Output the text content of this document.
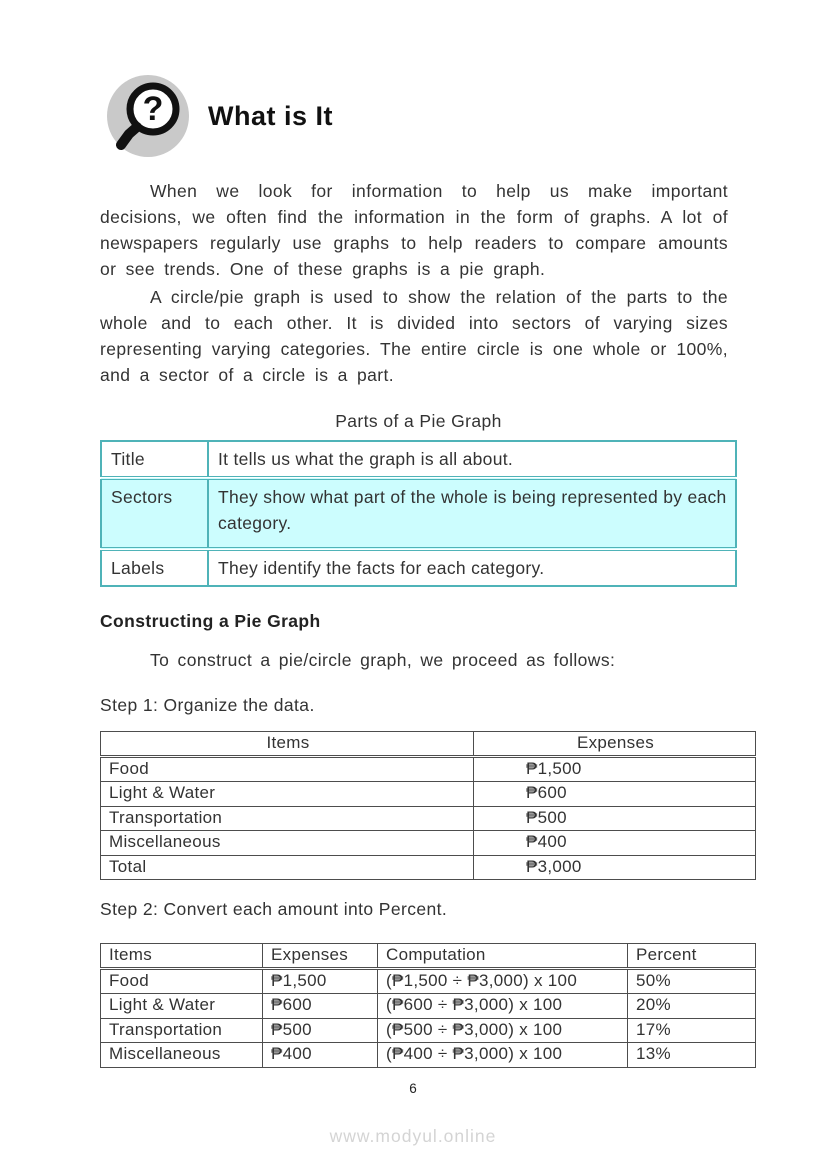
? What is It
When we look for information to help us make important decisions, we often find the information in the form of graphs. A lot of newspapers regularly use graphs to help readers to compare amounts or see trends. One of these graphs is a pie graph.
A circle/pie graph is used to show the relation of the parts to the whole and to each other. It is divided into sectors of varying sizes representing varying categories. The entire circle is one whole or 100%, and a sector of a circle is a part.
Parts of a Pie Graph
Title	It tells us what the graph is all about.
Sectors	They show what part of the whole is being represented by each category.
Labels	They identify the facts for each category.
Constructing a Pie Graph
To construct a pie/circle graph, we proceed as follows:
Step 1: Organize the data.
Items	Expenses
Food	₱1,500
Light & Water	₱600
Transportation	₱500
Miscellaneous	₱400
Total	₱3,000
Step 2: Convert each amount into Percent.
Items	Expenses	Computation	Percent
Food	₱1,500	(₱1,500 ÷ ₱3,000) x 100	50%
Light & Water	₱600	(₱600 ÷ ₱3,000) x 100	20%
Transportation	₱500	(₱500 ÷ ₱3,000) x 100	17%
Miscellaneous	₱400	(₱400 ÷ ₱3,000) x 100	13%
6
www.modyul.online
